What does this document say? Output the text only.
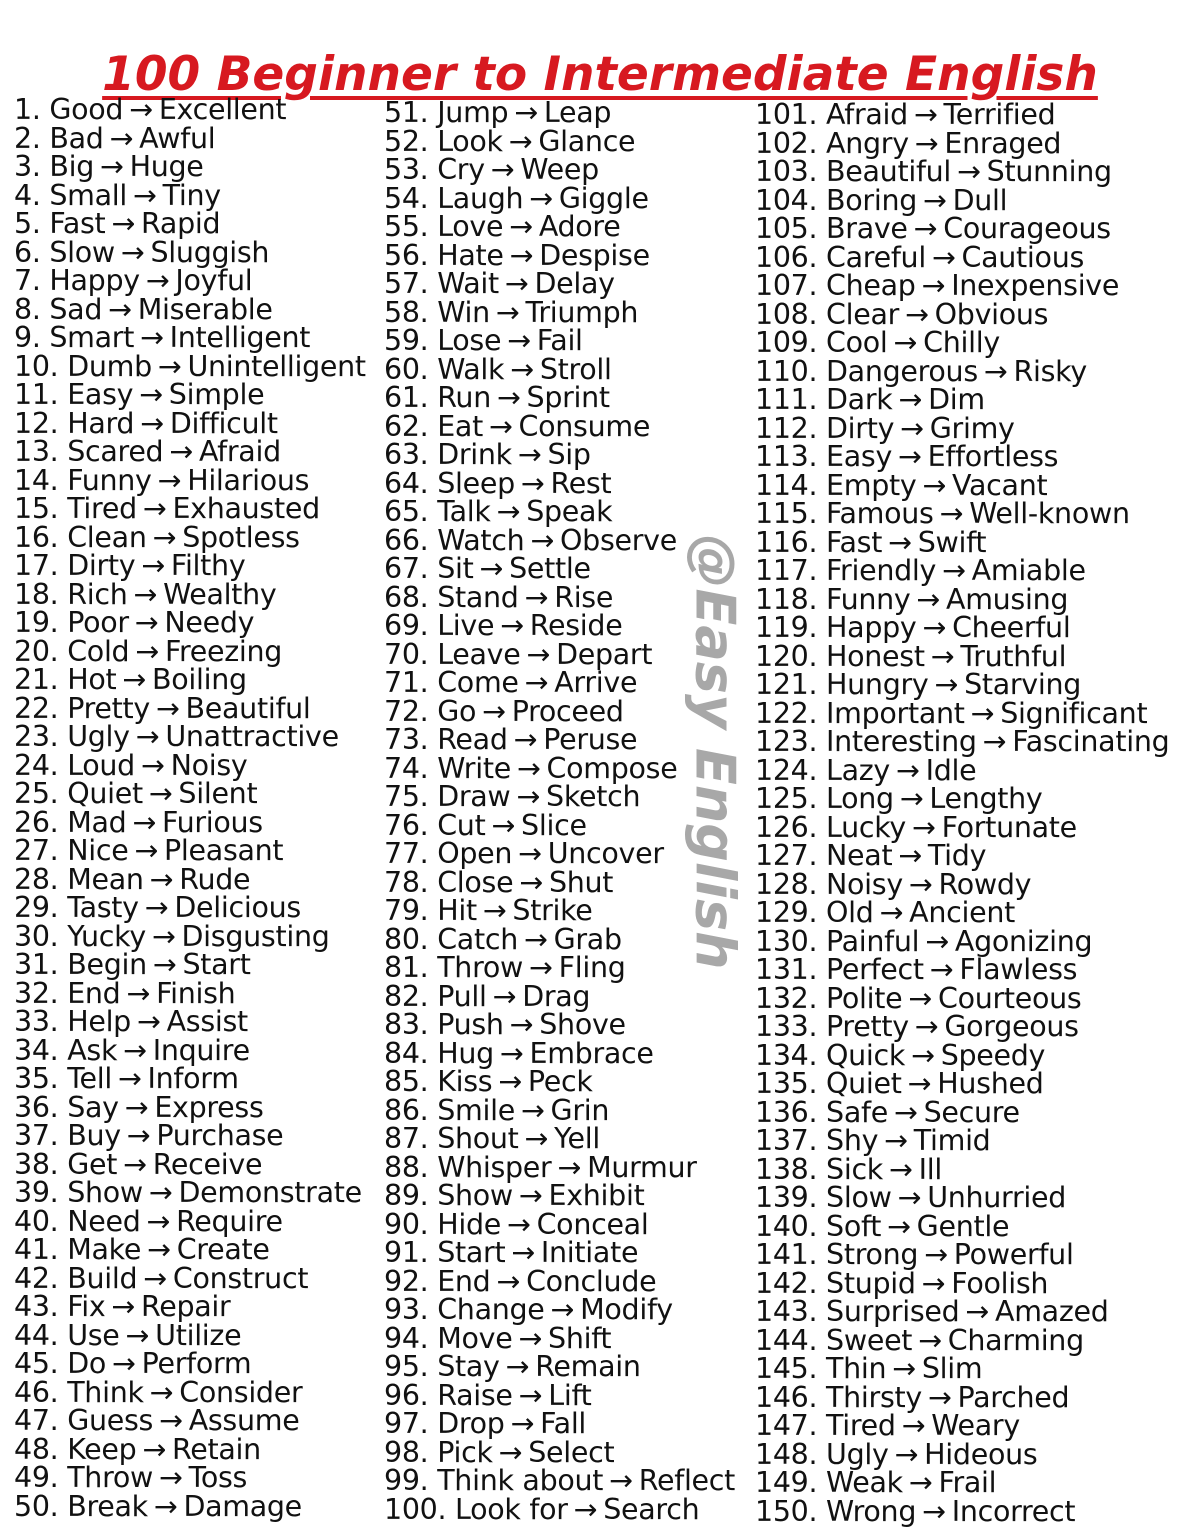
100 Beginner to Intermediate English
1. Good → Excellent
2. Bad → Awful
3. Big → Huge
4. Small → Tiny
5. Fast → Rapid
6. Slow → Sluggish
7. Happy → Joyful
8. Sad → Miserable
9. Smart → Intelligent
10. Dumb → Unintelligent
11. Easy → Simple
12. Hard → Difficult
13. Scared → Afraid
14. Funny → Hilarious
15. Tired → Exhausted
16. Clean → Spotless
17. Dirty → Filthy
18. Rich → Wealthy
19. Poor → Needy
20. Cold → Freezing
21. Hot → Boiling
22. Pretty → Beautiful
23. Ugly → Unattractive
24. Loud → Noisy
25. Quiet → Silent
26. Mad → Furious
27. Nice → Pleasant
28. Mean → Rude
29. Tasty → Delicious
30. Yucky → Disgusting
31. Begin → Start
32. End → Finish
33. Help → Assist
34. Ask → Inquire
35. Tell → Inform
36. Say → Express
37. Buy → Purchase
38. Get → Receive
39. Show → Demonstrate
40. Need → Require
41. Make → Create
42. Build → Construct
43. Fix → Repair
44. Use → Utilize
45. Do → Perform
46. Think → Consider
47. Guess → Assume
48. Keep → Retain
49. Throw → Toss
50. Break → Damage
51. Jump → Leap
52. Look → Glance
53. Cry → Weep
54. Laugh → Giggle
55. Love → Adore
56. Hate → Despise
57. Wait → Delay
58. Win → Triumph
59. Lose → Fail
60. Walk → Stroll
61. Run → Sprint
62. Eat → Consume
63. Drink → Sip
64. Sleep → Rest
65. Talk → Speak
66. Watch → Observe
67. Sit → Settle
68. Stand → Rise
69. Live → Reside
70. Leave → Depart
71. Come → Arrive
72. Go → Proceed
73. Read → Peruse
74. Write → Compose
75. Draw → Sketch
76. Cut → Slice
77. Open → Uncover
78. Close → Shut
79. Hit → Strike
80. Catch → Grab
81. Throw → Fling
82. Pull → Drag
83. Push → Shove
84. Hug → Embrace
85. Kiss → Peck
86. Smile → Grin
87. Shout → Yell
88. Whisper → Murmur
89. Show → Exhibit
90. Hide → Conceal
91. Start → Initiate
92. End → Conclude
93. Change → Modify
94. Move → Shift
95. Stay → Remain
96. Raise → Lift
97. Drop → Fall
98. Pick → Select
99. Think about → Reflect
100. Look for → Search
101. Afraid → Terrified
102. Angry → Enraged
103. Beautiful → Stunning
104. Boring → Dull
105. Brave → Courageous
106. Careful → Cautious
107. Cheap → Inexpensive
108. Clear → Obvious
109. Cool → Chilly
110. Dangerous → Risky
111. Dark → Dim
112. Dirty → Grimy
113. Easy → Effortless
114. Empty → Vacant
115. Famous → Well-known
116. Fast → Swift
117. Friendly → Amiable
118. Funny → Amusing
119. Happy → Cheerful
120. Honest → Truthful
121. Hungry → Starving
122. Important → Significant
123. Interesting → Fascinating
124. Lazy → Idle
125. Long → Lengthy
126. Lucky → Fortunate
127. Neat → Tidy
128. Noisy → Rowdy
129. Old → Ancient
130. Painful → Agonizing
131. Perfect → Flawless
132. Polite → Courteous
133. Pretty → Gorgeous
134. Quick → Speedy
135. Quiet → Hushed
136. Safe → Secure
137. Shy → Timid
138. Sick → Ill
139. Slow → Unhurried
140. Soft → Gentle
141. Strong → Powerful
142. Stupid → Foolish
143. Surprised → Amazed
144. Sweet → Charming
145. Thin → Slim
146. Thirsty → Parched
147. Tired → Weary
148. Ugly → Hideous
149. Weak → Frail
150. Wrong → Incorrect
@Easy English
